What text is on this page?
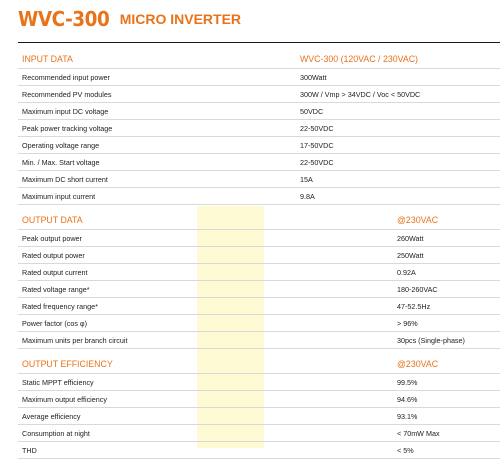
WVC-300 MICRO INVERTER
INPUT DATA	WVC-300 (120VAC / 230VAC)
Recommended input power	300Watt
Recommended PV modules	300W / Vmp > 34VDC / Voc < 50VDC
Maximum input DC voltage	50VDC
Peak power tracking voltage	22-50VDC
Operating voltage range	17-50VDC
Min. / Max. Start voltage	22-50VDC
Maximum DC short current	15A
Maximum input current	9.8A
OUTPUT DATA	@230VAC
Peak output power	260Watt
Rated output power	250Watt
Rated output current	0.92A
Rated voltage range*	180-260VAC
Rated frequency range*	47-52.5Hz
Power factor (cos φ)	> 96%
Maximum units per branch circuit	30pcs (Single-phase)
OUTPUT EFFICIENCY	@230VAC
Static MPPT efficiency	99.5%
Maximum output efficiency	94.6%
Average efficiency	93.1%
Consumption at night	< 70mW Max
THD	< 5%
